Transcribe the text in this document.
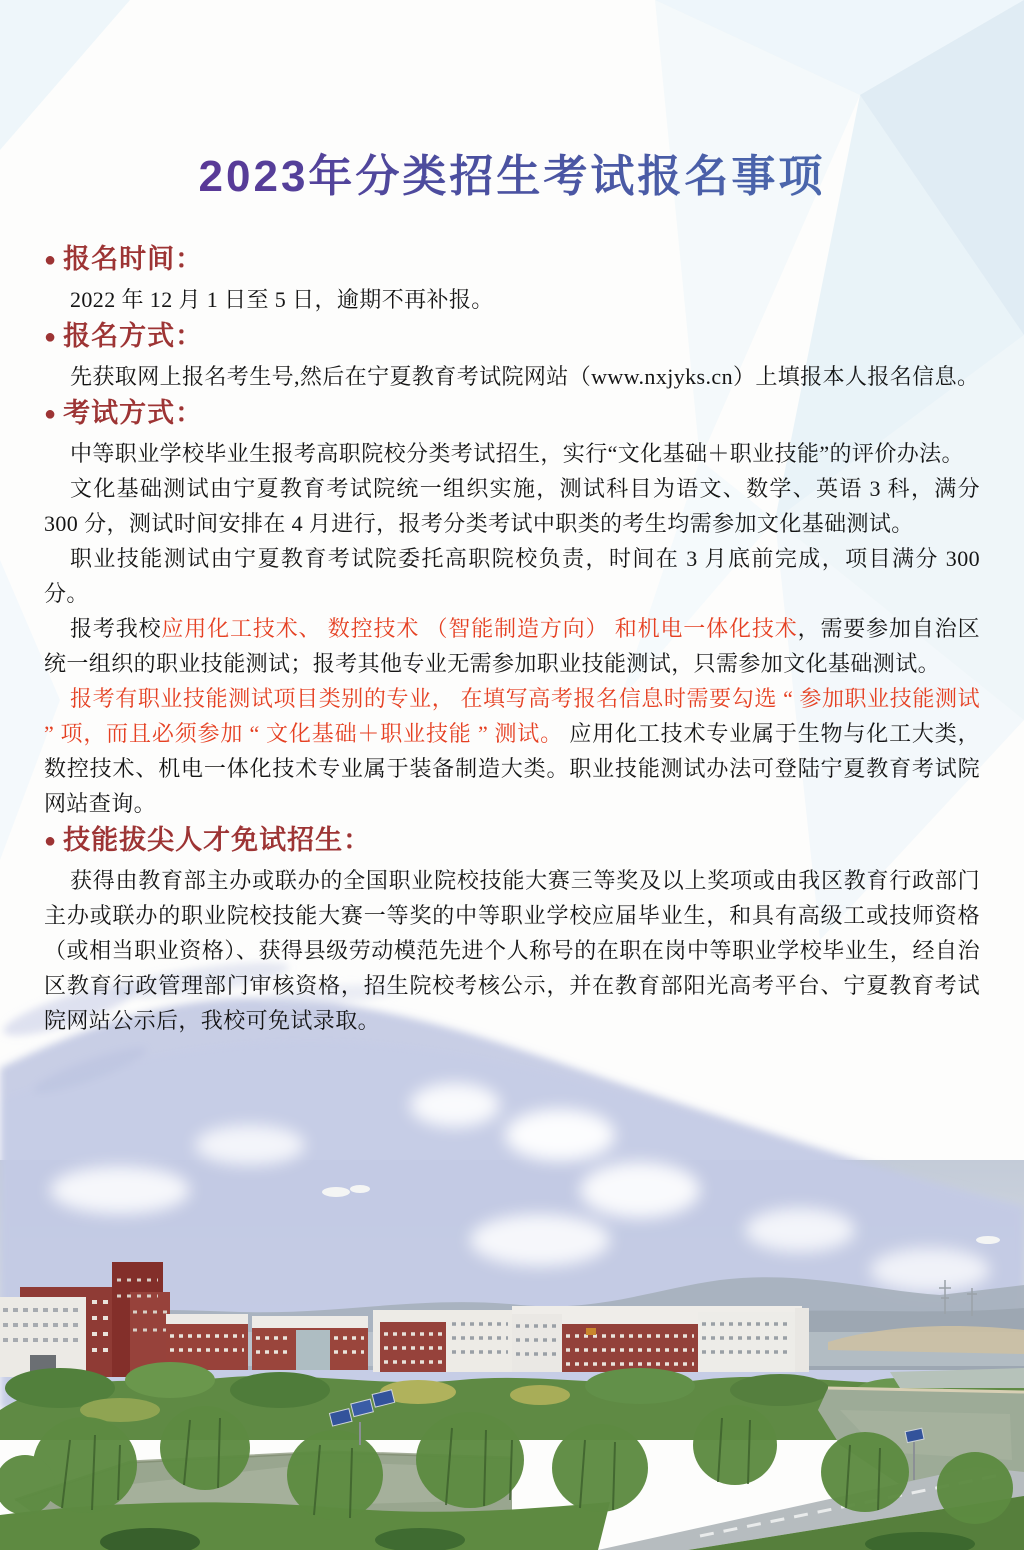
2023年分类招生考试报名事项
● 报名时间：

2022 年 12 月 1 日至 5 日，逾期不再补报。

● 报名方式：

先获取网上报名考生号,然后在宁夏教育考试院网站（www.nxjyks.cn）上填报本人报名信息。

● 考试方式：

中等职业学校毕业生报考高职院校分类考试招生，实行“文化基础＋职业技能”的评价办法。

文化基础测试由宁夏教育考试院统一组织实施，测试科目为语文、数学、英语 3 科，满分 300 分，测试时间安排在 4 月进行，报考分类考试中职类的考生均需参加文化基础测试。

职业技能测试由宁夏教育考试院委托高职院校负责，时间在 3 月底前完成，项目满分 300 分。

报考我校应用化工技术、 数控技术 （智能制造方向） 和机电一体化技术，需要参加自治区统一组织的职业技能测试；报考其他专业无需参加职业技能测试，只需参加文化基础测试。

报考有职业技能测试项目类别的专业， 在填写高考报名信息时需要勾选 “ 参加职业技能测试 ” 项，而且必须参加 “ 文化基础＋职业技能 ” 测试。 应用化工技术专业属于生物与化工大类，数控技术、机电一体化技术专业属于装备制造大类。职业技能测试办法可登陆宁夏教育考试院网站查询。

● 技能拔尖人才免试招生：

获得由教育部主办或联办的全国职业院校技能大赛三等奖及以上奖项或由我区教育行政部门主办或联办的职业院校技能大赛一等奖的中等职业学校应届毕业生，和具有高级工或技师资格（或相当职业资格）、获得县级劳动模范先进个人称号的在职在岗中等职业学校毕业生，经自治区教育行政管理部门审核资格，招生院校考核公示，并在教育部阳光高考平台、宁夏教育考试院网站公示后，我校可免试录取。
